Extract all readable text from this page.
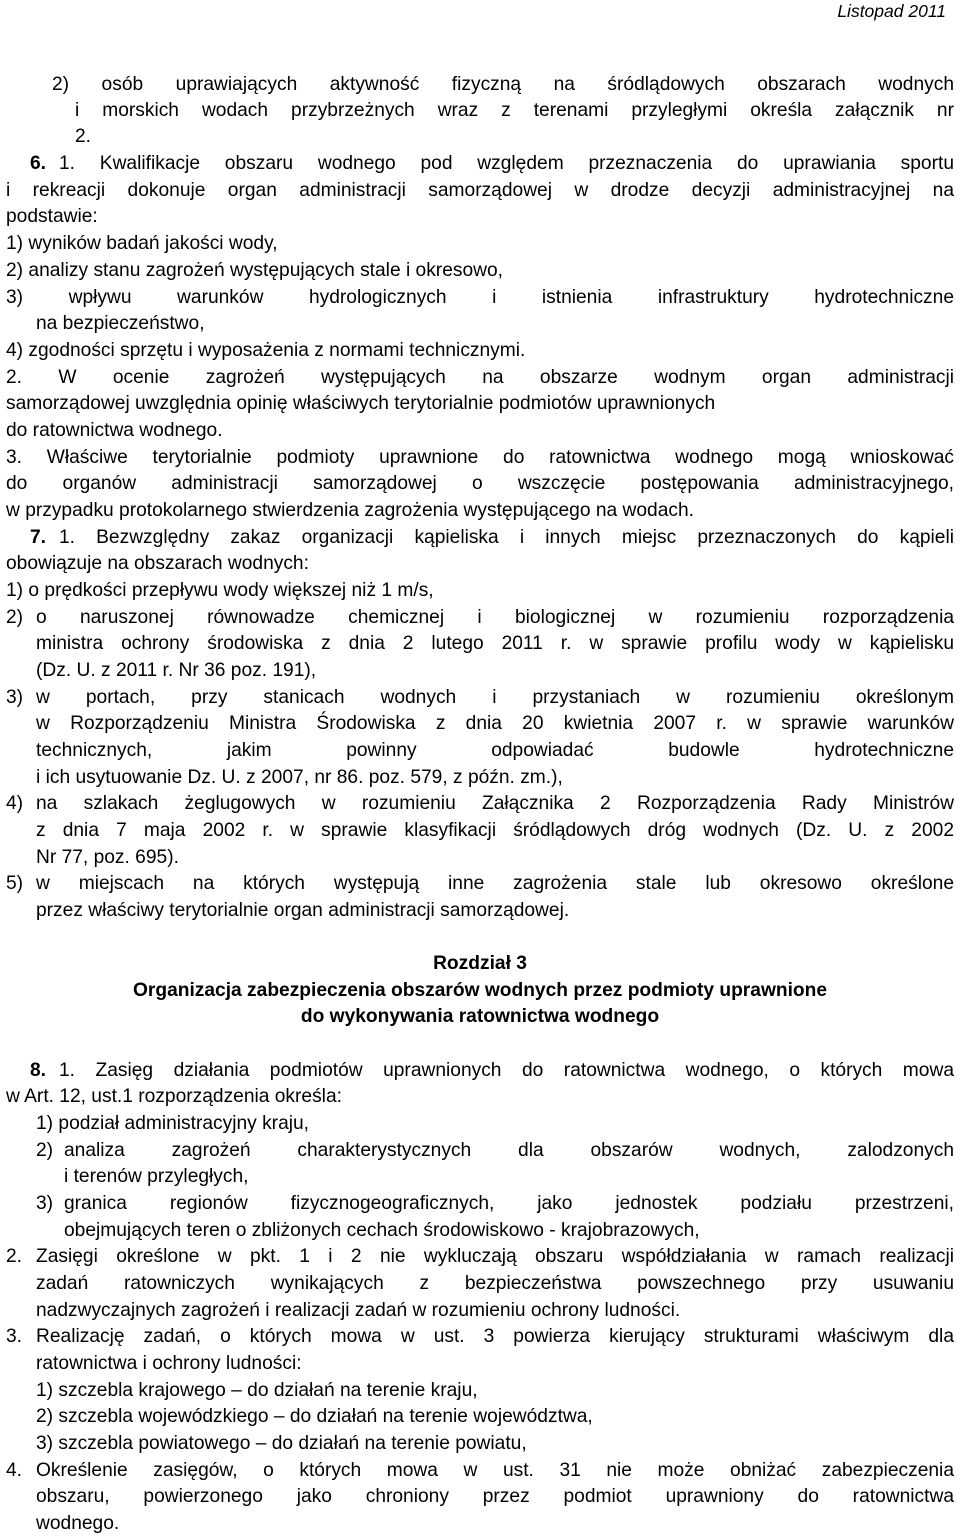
Listopad 2011
2) osób uprawiających aktywność fizyczną na śródlądowych obszarach wodnych
i morskich wodach przybrzeżnych wraz z terenami przyległymi określa załącznik nr
2.
6. 1. Kwalifikacje obszaru wodnego pod względem przeznaczenia do uprawiania sportu
i rekreacji dokonuje organ administracji samorządowej w drodze decyzji administracyjnej na
podstawie:
1) wyników badań jakości wody,
2) analizy stanu zagrożeń występujących stale i okresowo,
3) wpływu warunków hydrologicznych i istnienia infrastruktury hydrotechniczne
na bezpieczeństwo,
4) zgodności sprzętu i wyposażenia z normami technicznymi.
2. W ocenie zagrożeń występujących na obszarze wodnym organ administracji
samorządowej uwzględnia opinię właściwych terytorialnie podmiotów uprawnionych
do ratownictwa wodnego.
3. Właściwe terytorialnie podmioty uprawnione do ratownictwa wodnego mogą wnioskować
do organów administracji samorządowej o wszczęcie postępowania administracyjnego,
w przypadku protokolarnego stwierdzenia zagrożenia występującego na wodach.
7. 1. Bezwzględny zakaz organizacji kąpieliska i innych miejsc przeznaczonych do kąpieli
obowiązuje na obszarach wodnych:
1) o prędkości przepływu wody większej niż 1 m/s,
2) o naruszonej równowadze chemicznej i biologicznej w rozumieniu rozporządzenia
ministra ochrony środowiska z dnia 2 lutego 2011 r. w sprawie profilu wody w kąpielisku
(Dz. U. z 2011 r. Nr 36 poz. 191),
3) w portach, przy stanicach wodnych i przystaniach w rozumieniu określonym
w Rozporządzeniu Ministra Środowiska z dnia 20 kwietnia 2007 r. w sprawie warunków
technicznych, jakim powinny odpowiadać budowle hydrotechniczne
i ich usytuowanie Dz. U. z 2007, nr 86. poz. 579, z późn. zm.),
4) na szlakach żeglugowych w rozumieniu Załącznika 2 Rozporządzenia Rady Ministrów
z dnia 7 maja 2002 r. w sprawie klasyfikacji śródlądowych dróg wodnych (Dz. U. z 2002
Nr 77, poz. 695).
5) w miejscach na których występują inne zagrożenia stale lub okresowo określone
przez właściwy terytorialnie organ administracji samorządowej.
Rozdział 3
Organizacja zabezpieczenia obszarów wodnych przez podmioty uprawnione
do wykonywania ratownictwa wodnego
8. 1. Zasięg działania podmiotów uprawnionych do ratownictwa wodnego, o których mowa
w Art. 12, ust.1 rozporządzenia określa:
1) podział administracyjny kraju,
2) analiza zagrożeń charakterystycznych dla obszarów wodnych, zalodzonych
i terenów przyległych,
3) granica regionów fizycznogeograficznych, jako jednostek podziału przestrzeni,
obejmujących teren o zbliżonych cechach środowiskowo - krajobrazowych,
2. Zasięgi określone w pkt. 1 i 2 nie wykluczają obszaru współdziałania w ramach realizacji
zadań ratowniczych wynikających z bezpieczeństwa powszechnego przy usuwaniu
nadzwyczajnych zagrożeń i realizacji zadań w rozumieniu ochrony ludności.
3. Realizację zadań, o których mowa w ust. 3 powierza kierujący strukturami właściwym dla
ratownictwa i ochrony ludności:
1) szczebla krajowego – do działań na terenie kraju,
2) szczebla wojewódzkiego – do działań na terenie województwa,
3) szczebla powiatowego – do działań na terenie powiatu,
4. Określenie zasięgów, o których mowa w ust. 31 nie może obniżać zabezpieczenia
obszaru, powierzonego jako chroniony przez podmiot uprawniony do ratownictwa
wodnego.
